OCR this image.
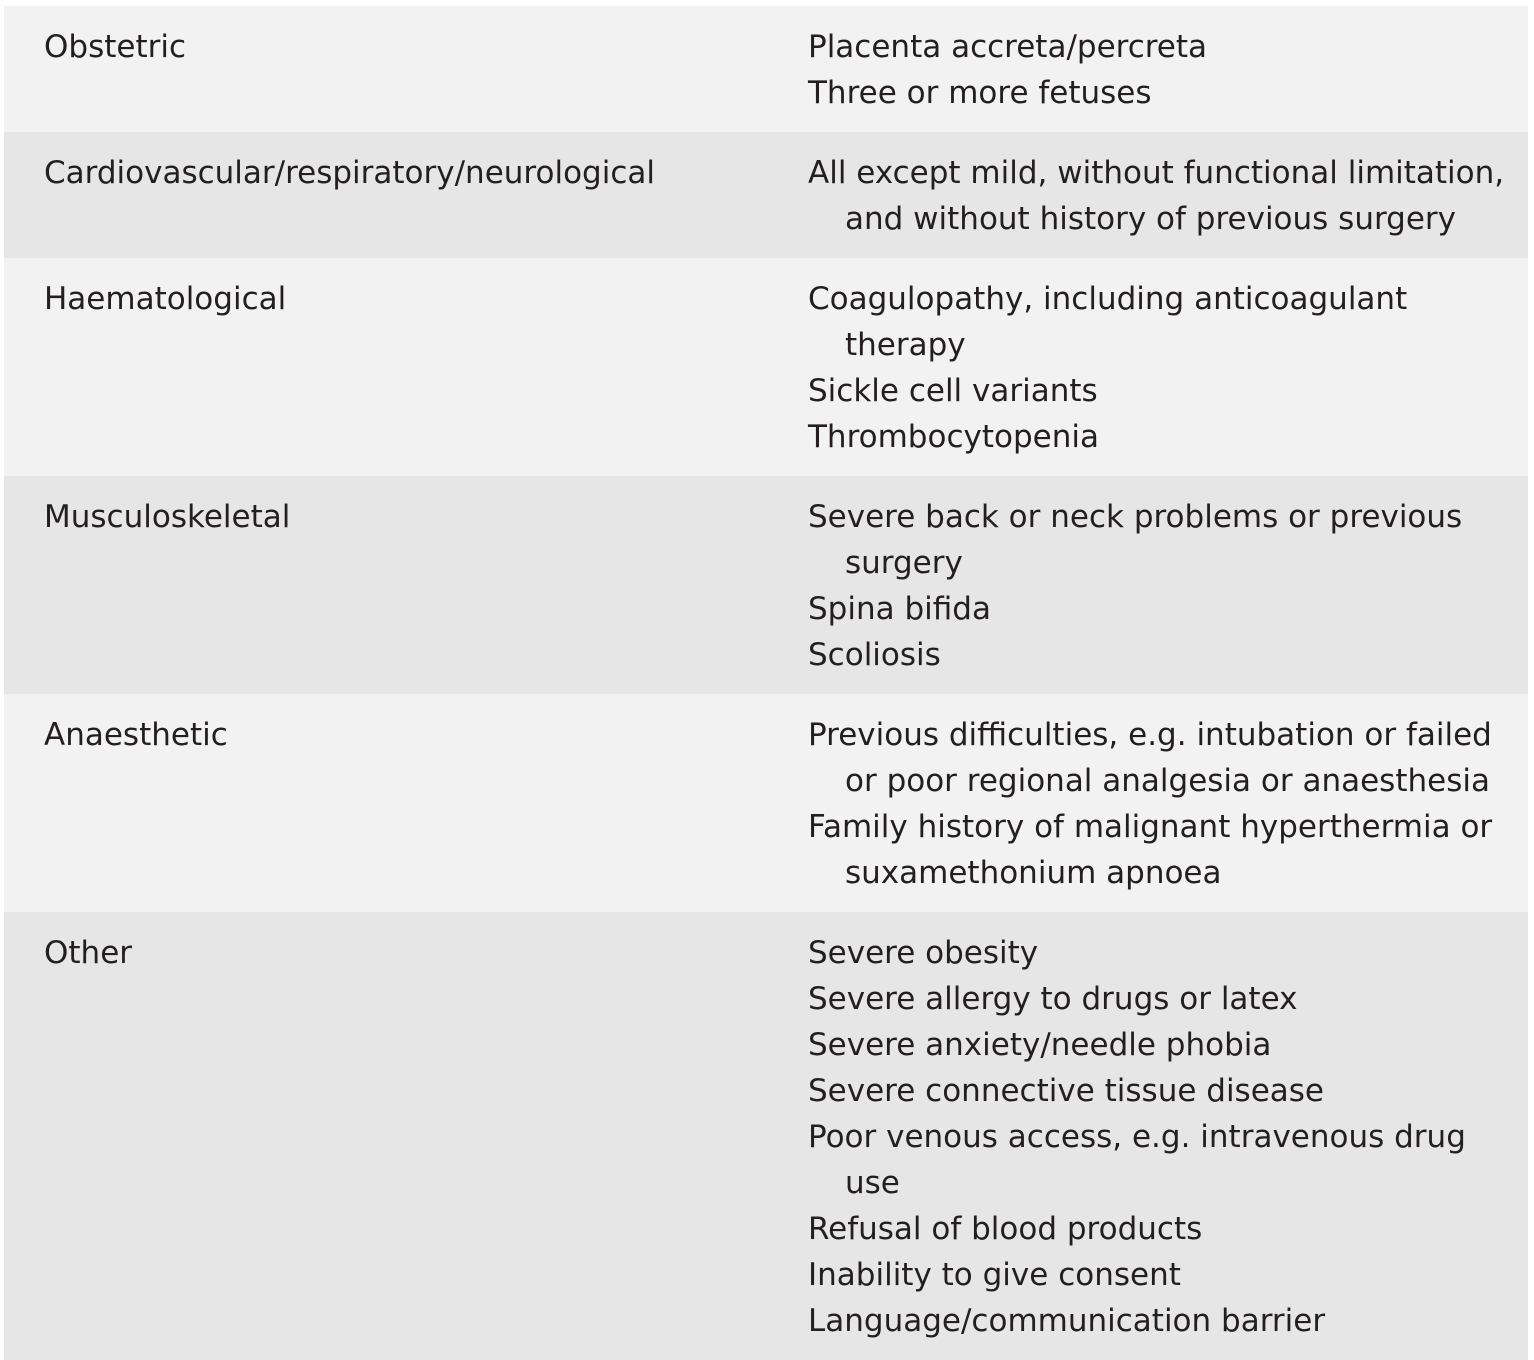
Obstetric	Placenta accreta/percreta
Three or more fetuses
Cardiovascular/respiratory/neurological	All except mild, without functional limitation, and without history of previous surgery
Haematological	Coagulopathy, including anticoagulant therapy
Sickle cell variants
Thrombocytopenia
Musculoskeletal	Severe back or neck problems or previous surgery
Spina bifida
Scoliosis
Anaesthetic	Previous difficulties, e.g. intubation or failed or poor regional analgesia or anaesthesia
Family history of malignant hyperthermia or suxamethonium apnoea
Other	Severe obesity
Severe allergy to drugs or latex
Severe anxiety/needle phobia
Severe connective tissue disease
Poor venous access, e.g. intravenous drug use
Refusal of blood products
Inability to give consent
Language/communication barrier
